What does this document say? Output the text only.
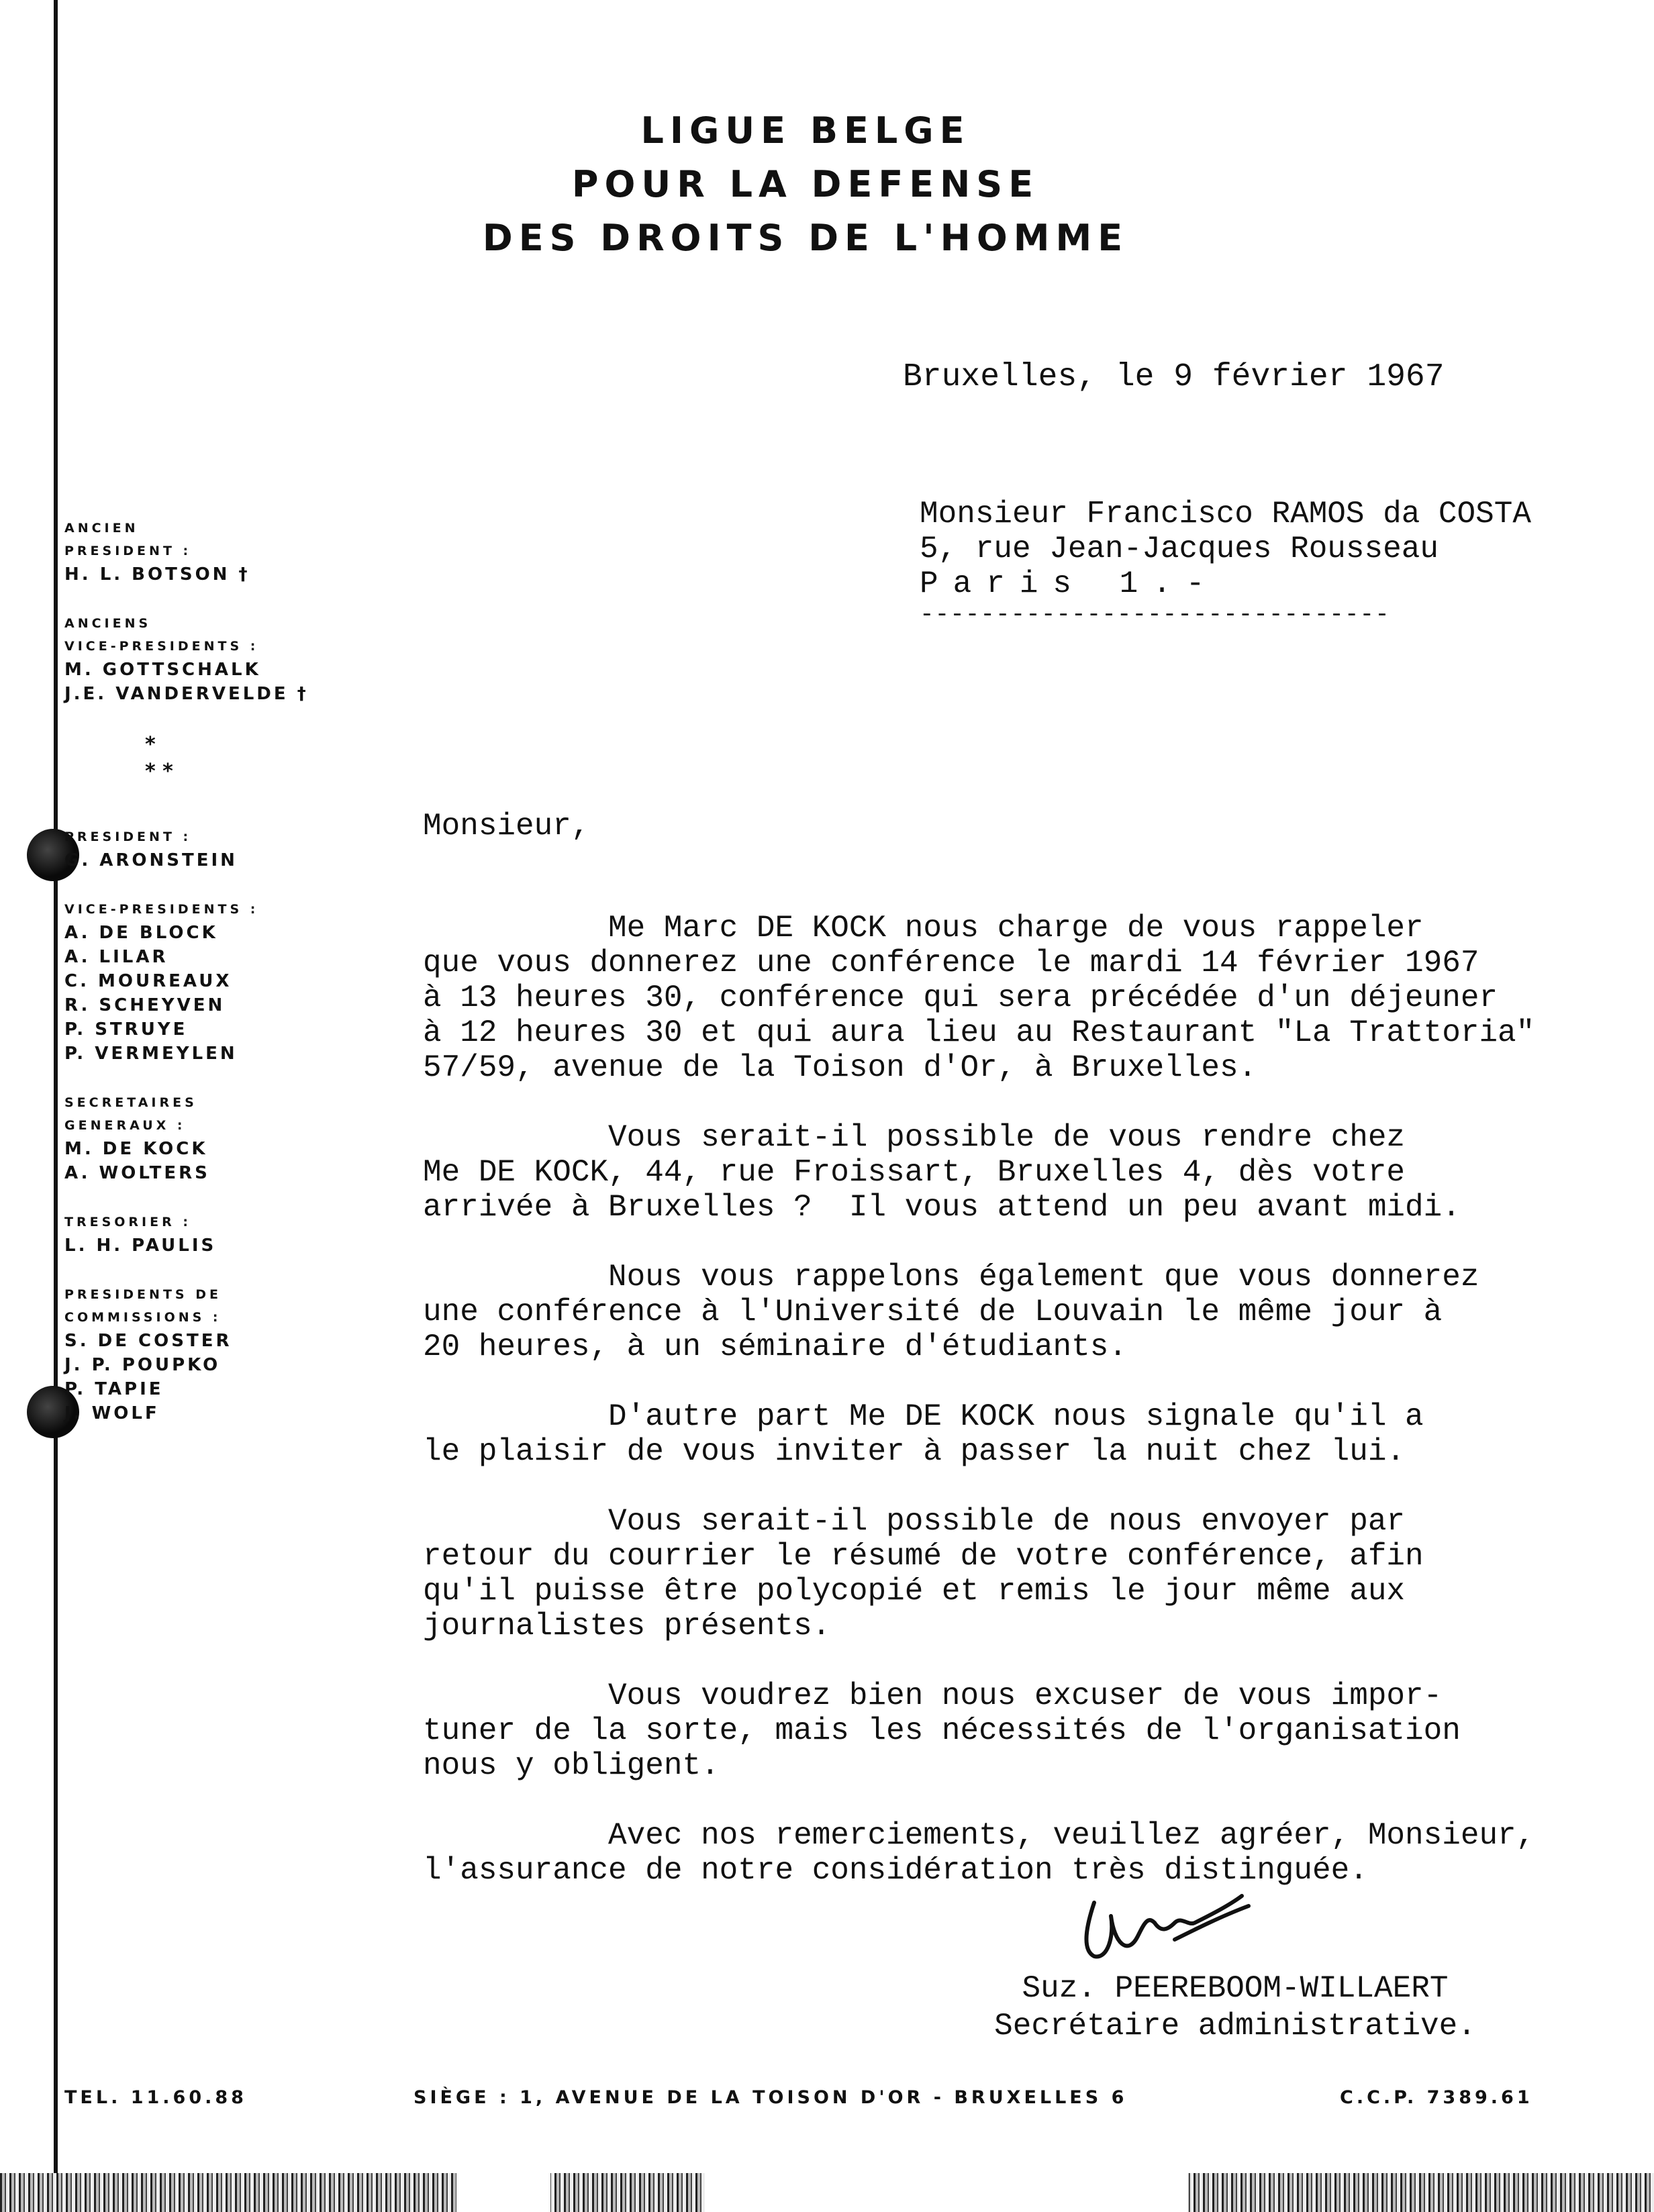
LIGUE BELGE
POUR LA DEFENSE
DES DROITS DE L'HOMME
Bruxelles, le 9 février 1967
Monsieur Francisco RAMOS da COSTA
5, rue Jean-Jacques Rousseau
Paris 1.-
-------------------------------
ANCIEN
PRESIDENT :
H. L. BOTSON †
ANCIENS
VICE-PRESIDENTS :
M. GOTTSCHALK
J.E. VANDERVELDE †
*
* *
PRESIDENT :
G. ARONSTEIN
VICE-PRESIDENTS :
A. DE BLOCK
A. LILAR
C. MOUREAUX
R. SCHEYVEN
P. STRUYE
P. VERMEYLEN
SECRETAIRES
GENERAUX :
M. DE KOCK
A. WOLTERS
TRESORIER :
L. H. PAULIS
PRESIDENTS DE
COMMISSIONS :
S. DE COSTER
J. P. POUPKO
P. TAPIE
J. WOLF
Monsieur,
Me Marc DE KOCK nous charge de vous rappeler
que vous donnerez une conférence le mardi 14 février 1967
à 13 heures 30, conférence qui sera précédée d'un déjeuner
à 12 heures 30 et qui aura lieu au Restaurant "La Trattoria"
57/59, avenue de la Toison d'Or, à Bruxelles.
Vous serait-il possible de vous rendre chez
Me DE KOCK, 44, rue Froissart, Bruxelles 4, dès votre
arrivée à Bruxelles ?  Il vous attend un peu avant midi.
Nous vous rappelons également que vous donnerez
une conférence à l'Université de Louvain le même jour à
20 heures, à un séminaire d'étudiants.
D'autre part Me DE KOCK nous signale qu'il a
le plaisir de vous inviter à passer la nuit chez lui.
Vous serait-il possible de nous envoyer par
retour du courrier le résumé de votre conférence, afin
qu'il puisse être polycopié et remis le jour même aux
journalistes présents.
Vous voudrez bien nous excuser de vous impor-
tuner de la sorte, mais les nécessités de l'organisation
nous y obligent.
Avec nos remerciements, veuillez agréer, Monsieur,
l'assurance de notre considération très distinguée.
Suz. PEEREBOOM-WILLAERT
Secrétaire administrative.
TEL. 11.60.88	SIÈGE : 1, AVENUE DE LA TOISON D'OR - BRUXELLES 6	C.C.P. 7389.61
